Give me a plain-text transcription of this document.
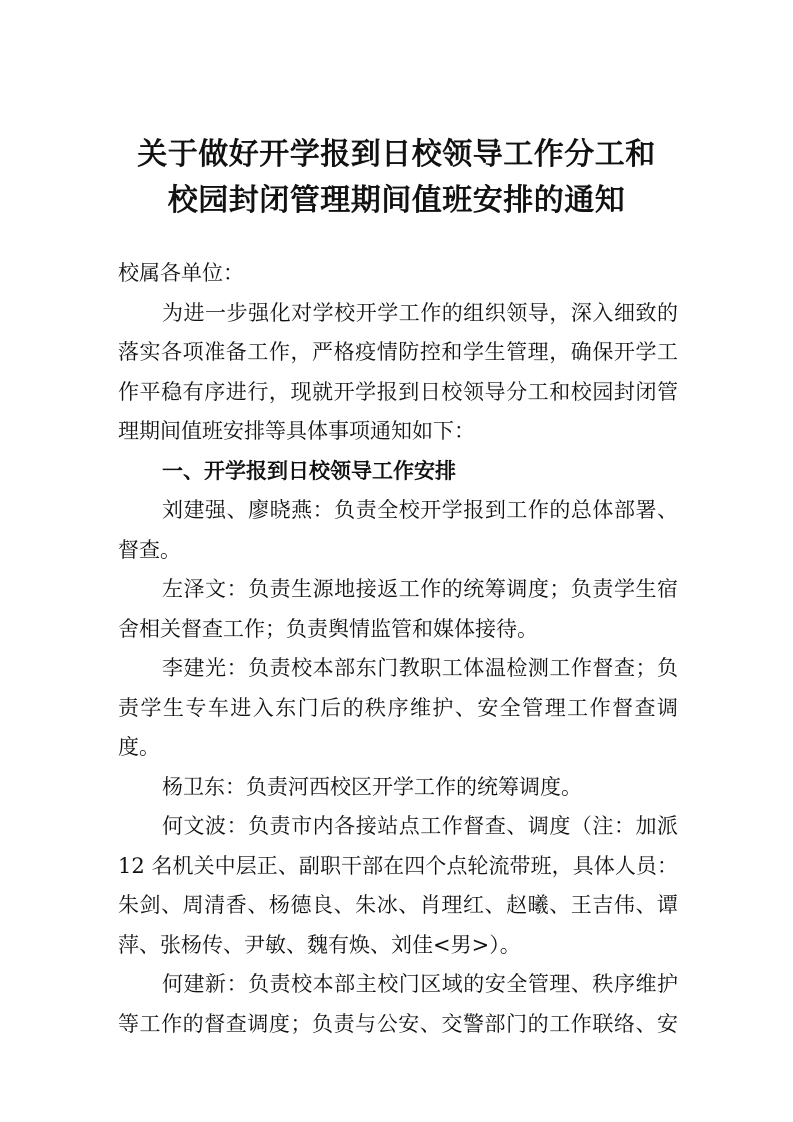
关于做好开学报到日校领导工作分工和
校园封闭管理期间值班安排的通知
校属各单位：
为进一步强化对学校开学工作的组织领导，深入细致的
落实各项准备工作，严格疫情防控和学生管理，确保开学工
作平稳有序进行，现就开学报到日校领导分工和校园封闭管
理期间值班安排等具体事项通知如下：
一、开学报到日校领导工作安排
刘建强、廖晓燕：负责全校开学报到工作的总体部署、
督查。
左泽文：负责生源地接返工作的统筹调度；负责学生宿
舍相关督查工作；负责舆情监管和媒体接待。
李建光：负责校本部东门教职工体温检测工作督查；负
责学生专车进入东门后的秩序维护、安全管理工作督查调
度。
杨卫东：负责河西校区开学工作的统筹调度。
何文波：负责市内各接站点工作督查、调度（注：加派
12 名机关中层正、副职干部在四个点轮流带班，具体人员：
朱剑、周清香、杨德良、朱冰、肖理红、赵曦、王吉伟、谭
萍、张杨传、尹敏、魏有焕、刘佳<男>）。
何建新：负责校本部主校门区域的安全管理、秩序维护
等工作的督查调度；负责与公安、交警部门的工作联络、安
